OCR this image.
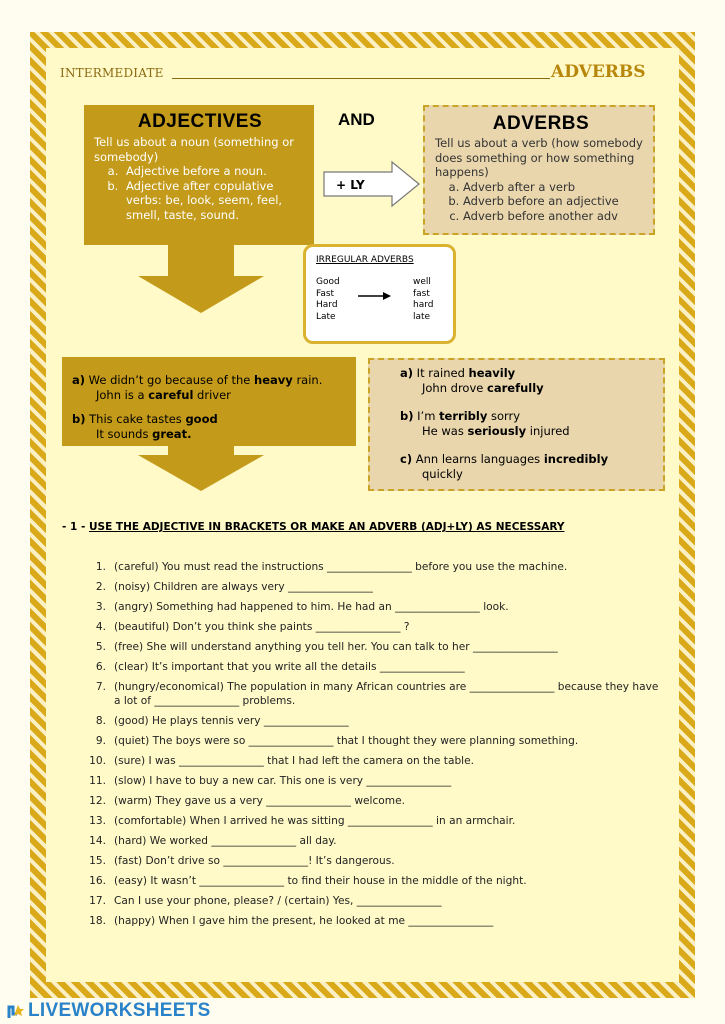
INTERMEDIATE	ADVERBS
ADJECTIVES
Tell us about a noun (something or somebody)
a. Adjective before a noun.
b. Adjective after copulative verbs: be, look, seem, feel, smell, taste, sound.
AND	ADVERBS
Tell us about a verb (how somebody does something or how something happens)
a. Adverb after a verb
b. Adverb before an adjective
c. Adverb before another adv
+ LY
IRREGULAR ADVERBS
Good	well
Fast	fast
Hard	hard
Late	late
a) We didn’t go because of the heavy rain.
John is a careful driver
b) This cake tastes good
It sounds great.
a) It rained heavily
John drove carefully
b) I’m terribly sorry
He was seriously injured
c) Ann learns languages incredibly
quickly
- 1 - USE THE ADJECTIVE IN BRACKETS OR MAKE AN ADVERB (ADJ+LY) AS NECESSARY
1. (careful) You must read the instructions ________________ before you use the machine.
2. (noisy) Children are always very ________________
3. (angry) Something had happened to him. He had an ________________ look.
4. (beautiful) Don’t you think she paints ________________ ?
5. (free) She will understand anything you tell her. You can talk to her ________________
6. (clear) It’s important that you write all the details ________________
7. (hungry/economical) The population in many African countries are ________________ because they have a lot of ________________ problems.
8. (good) He plays tennis very ________________
9. (quiet) The boys were so ________________ that I thought they were planning something.
10. (sure) I was ________________ that I had left the camera on the table.
11. (slow) I have to buy a new car. This one is very ________________
12. (warm) They gave us a very ________________ welcome.
13. (comfortable) When I arrived he was sitting ________________ in an armchair.
14. (hard) We worked ________________ all day.
15. (fast) Don’t drive so ________________! It’s dangerous.
16. (easy) It wasn’t ________________ to find their house in the middle of the night.
17. Can I use your phone, please? / (certain) Yes, ________________
18. (happy) When I gave him the present, he looked at me ________________
LIVEWORKSHEETS
